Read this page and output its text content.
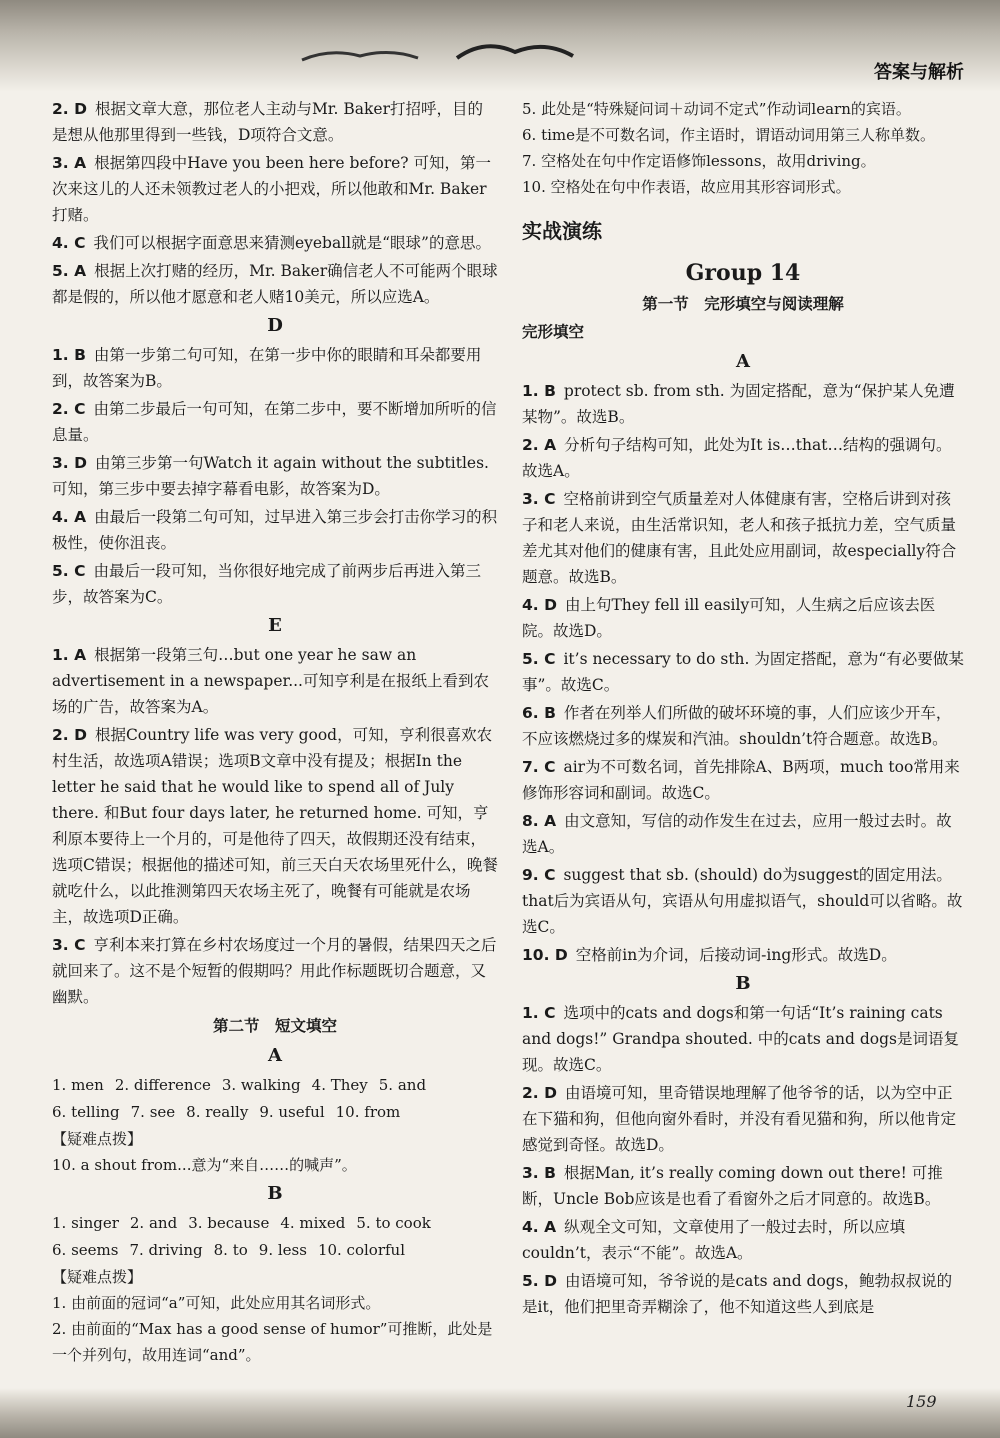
答案与解析
2. D 根据文章大意，那位老人主动与Mr. Baker打招呼，目的是想从他那里得到一些钱，D项符合文意。
3. A 根据第四段中Have you been here before? 可知，第一次来这儿的人还未领教过老人的小把戏，所以他敢和Mr. Baker打赌。
4. C 我们可以根据字面意思来猜测eyeball就是“眼球”的意思。
5. A 根据上次打赌的经历，Mr. Baker确信老人不可能两个眼球都是假的，所以他才愿意和老人赌10美元，所以应选A。
D
1. B 由第一步第二句可知，在第一步中你的眼睛和耳朵都要用到，故答案为B。
2. C 由第二步最后一句可知，在第二步中，要不断增加所听的信息量。
3. D 由第三步第一句Watch it again without the subtitles. 可知，第三步中要去掉字幕看电影，故答案为D。
4. A 由最后一段第二句可知，过早进入第三步会打击你学习的积极性，使你沮丧。
5. C 由最后一段可知，当你很好地完成了前两步后再进入第三步，故答案为C。
E
1. A 根据第一段第三句…but one year he saw an advertisement in a newspaper...可知亨利是在报纸上看到农场的广告，故答案为A。
2. D 根据Country life was very good，可知，亨利很喜欢农村生活，故选项A错误；选项B文章中没有提及；根据In the letter he said that he would like to spend all of July there. 和But four days later, he returned home. 可知，亨利原本要待上一个月的，可是他待了四天，故假期还没有结束，选项C错误；根据他的描述可知，前三天白天农场里死什么，晚餐就吃什么，以此推测第四天农场主死了，晚餐有可能就是农场主，故选项D正确。
3. C 亨利本来打算在乡村农场度过一个月的暑假，结果四天之后就回来了。这不是个短暂的假期吗？用此作标题既切合题意，又幽默。
第二节　短文填空
A
1. men 2. difference 3. walking 4. They 5. and
6. telling 7. see 8. really 9. useful 10. from
【疑难点拨】
10. a shout from...意为“来自……的喊声”。
B
1. singer 2. and 3. because 4. mixed 5. to cook
6. seems 7. driving 8. to 9. less 10. colorful
【疑难点拨】
1. 由前面的冠词“a”可知，此处应用其名词形式。
2. 由前面的“Max has a good sense of humor”可推断，此处是一个并列句，故用连词“and”。
5. 此处是“特殊疑问词＋动词不定式”作动词learn的宾语。
6. time是不可数名词，作主语时，谓语动词用第三人称单数。
7. 空格处在句中作定语修饰lessons，故用driving。
10. 空格处在句中作表语，故应用其形容词形式。
实战演练
Group 14
第一节　完形填空与阅读理解
完形填空
A
1. B protect sb. from sth. 为固定搭配，意为“保护某人免遭某物”。故选B。
2. A 分析句子结构可知，此处为It is…that…结构的强调句。故选A。
3. C 空格前讲到空气质量差对人体健康有害，空格后讲到对孩子和老人来说，由生活常识知，老人和孩子抵抗力差，空气质量差尤其对他们的健康有害，且此处应用副词，故especially符合题意。故选B。
4. D 由上句They fell ill easily可知，人生病之后应该去医院。故选D。
5. C it’s necessary to do sth. 为固定搭配，意为“有必要做某事”。故选C。
6. B 作者在列举人们所做的破坏环境的事，人们应该少开车，不应该燃烧过多的煤炭和汽油。shouldn’t符合题意。故选B。
7. C air为不可数名词，首先排除A、B两项，much too常用来修饰形容词和副词。故选C。
8. A 由文意知，写信的动作发生在过去，应用一般过去时。故选A。
9. C suggest that sb. (should) do为suggest的固定用法。that后为宾语从句，宾语从句用虚拟语气，should可以省略。故选C。
10. D 空格前in为介词，后接动词-ing形式。故选D。
B
1. C 选项中的cats and dogs和第一句话“It’s raining cats and dogs!” Grandpa shouted. 中的cats and dogs是词语复现。故选C。
2. D 由语境可知，里奇错误地理解了他爷爷的话，以为空中正在下猫和狗，但他向窗外看时，并没有看见猫和狗，所以他肯定感觉到奇怪。故选D。
3. B 根据Man, it’s really coming down out there! 可推断，Uncle Bob应该是也看了看窗外之后才同意的。故选B。
4. A 纵观全文可知，文章使用了一般过去时，所以应填couldn’t，表示“不能”。故选A。
5. D 由语境可知，爷爷说的是cats and dogs，鲍勃叔叔说的是it，他们把里奇弄糊涂了，他不知道这些人到底是
159
